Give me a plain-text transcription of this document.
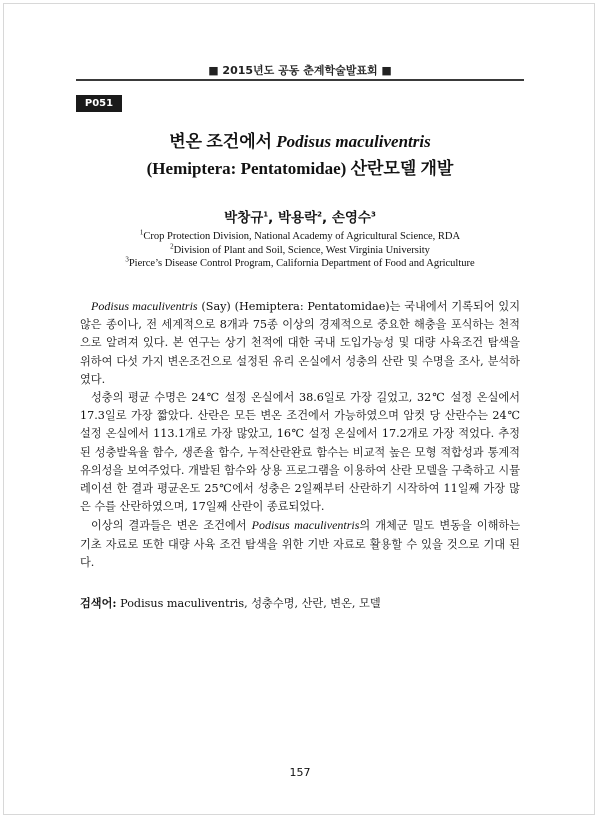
■ 2015년도 공동 춘계학술발표회 ■
P051
변온 조건에서 Podisus maculiventris
(Hemiptera: Pentatomidae) 산란모델 개발
박창규$^1$, 박용락$^2$, 손영수$^3$
$^1$Crop Protection Division, National Academy of Agricultural Science, RDA
$^2$Division of Plant and Soil, Science, West Virginia University
$^3$Pierce’s Disease Control Program, California Department of Food and Agriculture

Podisus maculiventris (Say) (Hemiptera: Pentatomidae)는 국내에서 기록되어 있지 않은 종이나, 전 세계적으로 8개과 75종 이상의 경제적으로 중요한 해충을 포식하는 천적으로 알려져 있다. 본 연구는 상기 천적에 대한 국내 도입가능성 및 대량 사육조건 탐색을 위하여 다섯 가지 변온조건으로 설정된 유리 온실에서 성충의 산란 및 수명을 조사, 분석하였다.

성충의 평균 수명은 24℃ 설정 온실에서 38.6일로 가장 길었고, 32℃ 설정 온실에서 17.3일로 가장 짧았다. 산란은 모든 변온 조건에서 가능하였으며 암컷 당 산란수는 24℃ 설정 온실에서 113.1개로 가장 많았고, 16℃ 설정 온실에서 17.2개로 가장 적었다. 추정된 성충발육율 함수, 생존율 함수, 누적산란완료 함수는 비교적 높은 모형 적합성과 통계적 유의성을 보여주었다. 개발된 함수와 상용 프로그램을 이용하여 산란 모델을 구축하고 시뮬레이션 한 결과 평균온도 25℃에서 성충은 2일째부터 산란하기 시작하여 11일째 가장 많은 수를 산란하였으며, 17일째 산란이 종료되었다.

이상의 결과들은 변온 조건에서 Podisus maculiventris의 개체군 밀도 변동을 이해하는 기초 자료로 또한 대량 사육 조건 탐색을 위한 기반 자료로 활용할 수 있을 것으로 기대 된다.

검색어: Podisus maculiventris, 성충수명, 산란, 변온, 모델
157
